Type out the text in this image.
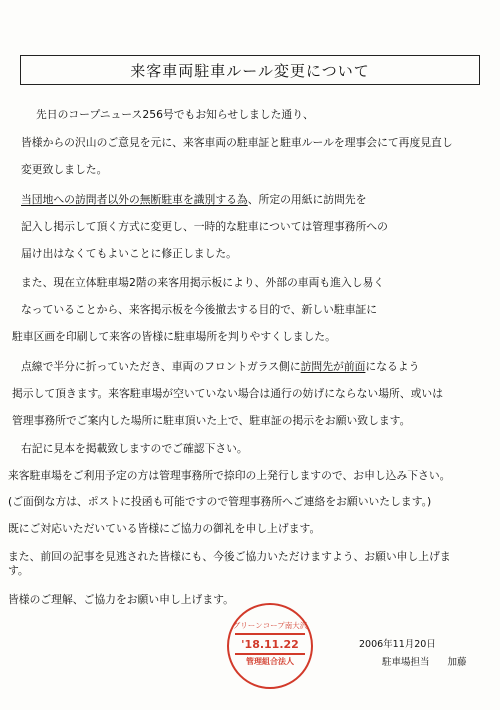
来客車両駐車ルール変更について
先日のコープニュース256号でもお知らせしました通り、
皆様からの沢山のご意見を元に、来客車両の駐車証と駐車ルールを理事会にて再度見直し
変更致しました。
当団地への訪問者以外の無断駐車を識別する為、所定の用紙に訪問先を
記入し掲示して頂く方式に変更し、一時的な駐車については管理事務所への
届け出はなくてもよいことに修正しました。
また、現在立体駐車場2階の来客用掲示板により、外部の車両も進入し易く
なっていることから、来客掲示板を今後撤去する目的で、新しい駐車証に
駐車区画を印刷して来客の皆様に駐車場所を判りやすくしました。
点線で半分に折っていただき、車両のフロントガラス側に訪問先が前面になるよう
掲示して頂きます。来客駐車場が空いていない場合は通行の妨げにならない場所、或いは
管理事務所でご案内した場所に駐車頂いた上で、駐車証の掲示をお願い致します。
右記に見本を掲載致しますのでご確認下さい。
来客駐車場をご利用予定の方は管理事務所で捺印の上発行しますので、お申し込み下さい。
(ご面倒な方は、ポストに投函も可能ですので管理事務所へご連絡をお願いいたします。)
既にご対応いただいている皆様にご協力の御礼を申し上げます。
また、前回の記事を見逃された皆様にも、今後ご協力いただけますよう、お願い申し上げま
す。
皆様のご理解、ご協力をお願い申し上げます。
グリーンコープ南大沢
'18.11.22
管理組合法人
2006年11月20日
駐車場担当 加藤
